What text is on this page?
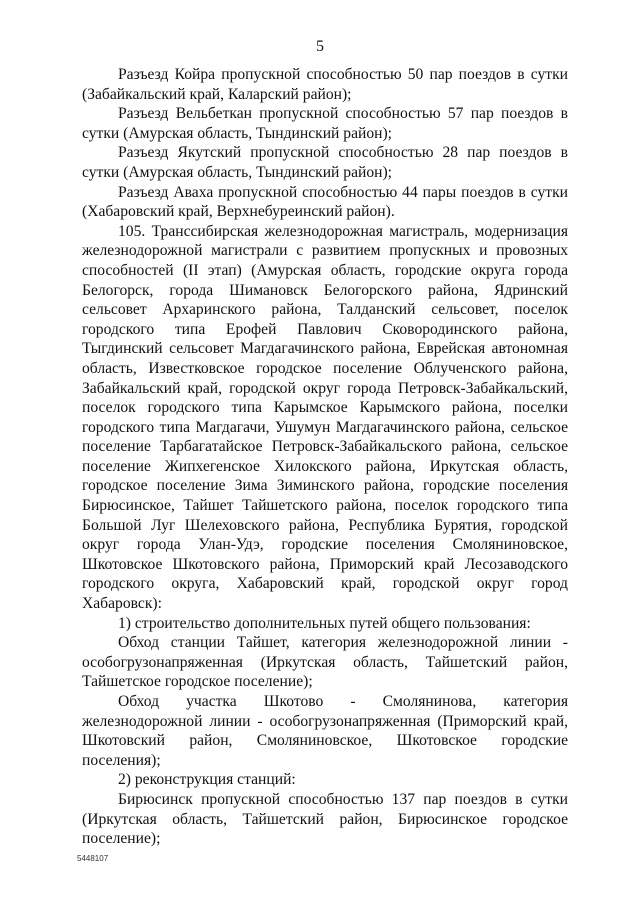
5

Разъезд Койра пропускной способностью 50 пар поездов в сутки (Забайкальский край, Каларский район);

Разъезд Вельбеткан пропускной способностью 57 пар поездов в сутки (Амурская область, Тындинский район);

Разъезд Якутский пропускной способностью 28 пар поездов в сутки (Амурская область, Тындинский район);

Разъезд Аваха пропускной способностью 44 пары поездов в сутки (Хабаровский край, Верхнебуреинский район).

105. Транссибирская железнодорожная магистраль, модернизация железнодорожной магистрали с развитием пропускных и провозных способностей (II этап) (Амурская область, городские округа города Белогорск, города Шимановск Белогорского района, Ядринский сельсовет Архаринского района, Талданский сельсовет, поселок городского типа Ерофей Павлович Сковородинского района, Тыгдинский сельсовет Магдагачинского района, Еврейская автономная область, Известковское городское поселение Облученского района, Забайкальский край, городской округ города Петровск-Забайкальский, поселок городского типа Карымское Карымского района, поселки городского типа Магдагачи, Ушумун Магдагачинского района, сельское поселение Тарбагатайское Петровск-Забайкальского района, сельское поселение Жипхегенское Хилокского района, Иркутская область, городское поселение Зима Зиминского района, городские поселения Бирюсинское, Тайшет Тайшетского района, поселок городского типа Большой Луг Шелеховского района, Республика Бурятия, городской округ города Улан-Удэ, городские поселения Смоляниновское, Шкотовское Шкотовского района, Приморский край Лесозаводского городского округа, Хабаровский край, городской округ город Хабаровск):

1) строительство дополнительных путей общего пользования:

Обход станции Тайшет, категория железнодорожной линии - особогрузонапряженная (Иркутская область, Тайшетский район, Тайшетское городское поселение);

Обход участка Шкотово - Смолянинова, категория железнодорожной линии - особогрузонапряженная (Приморский край, Шкотовский район, Смоляниновское, Шкотовское городские поселения);

2) реконструкция станций:

Бирюсинск пропускной способностью 137 пар поездов в сутки (Иркутская область, Тайшетский район, Бирюсинское городское поселение);

5448107
